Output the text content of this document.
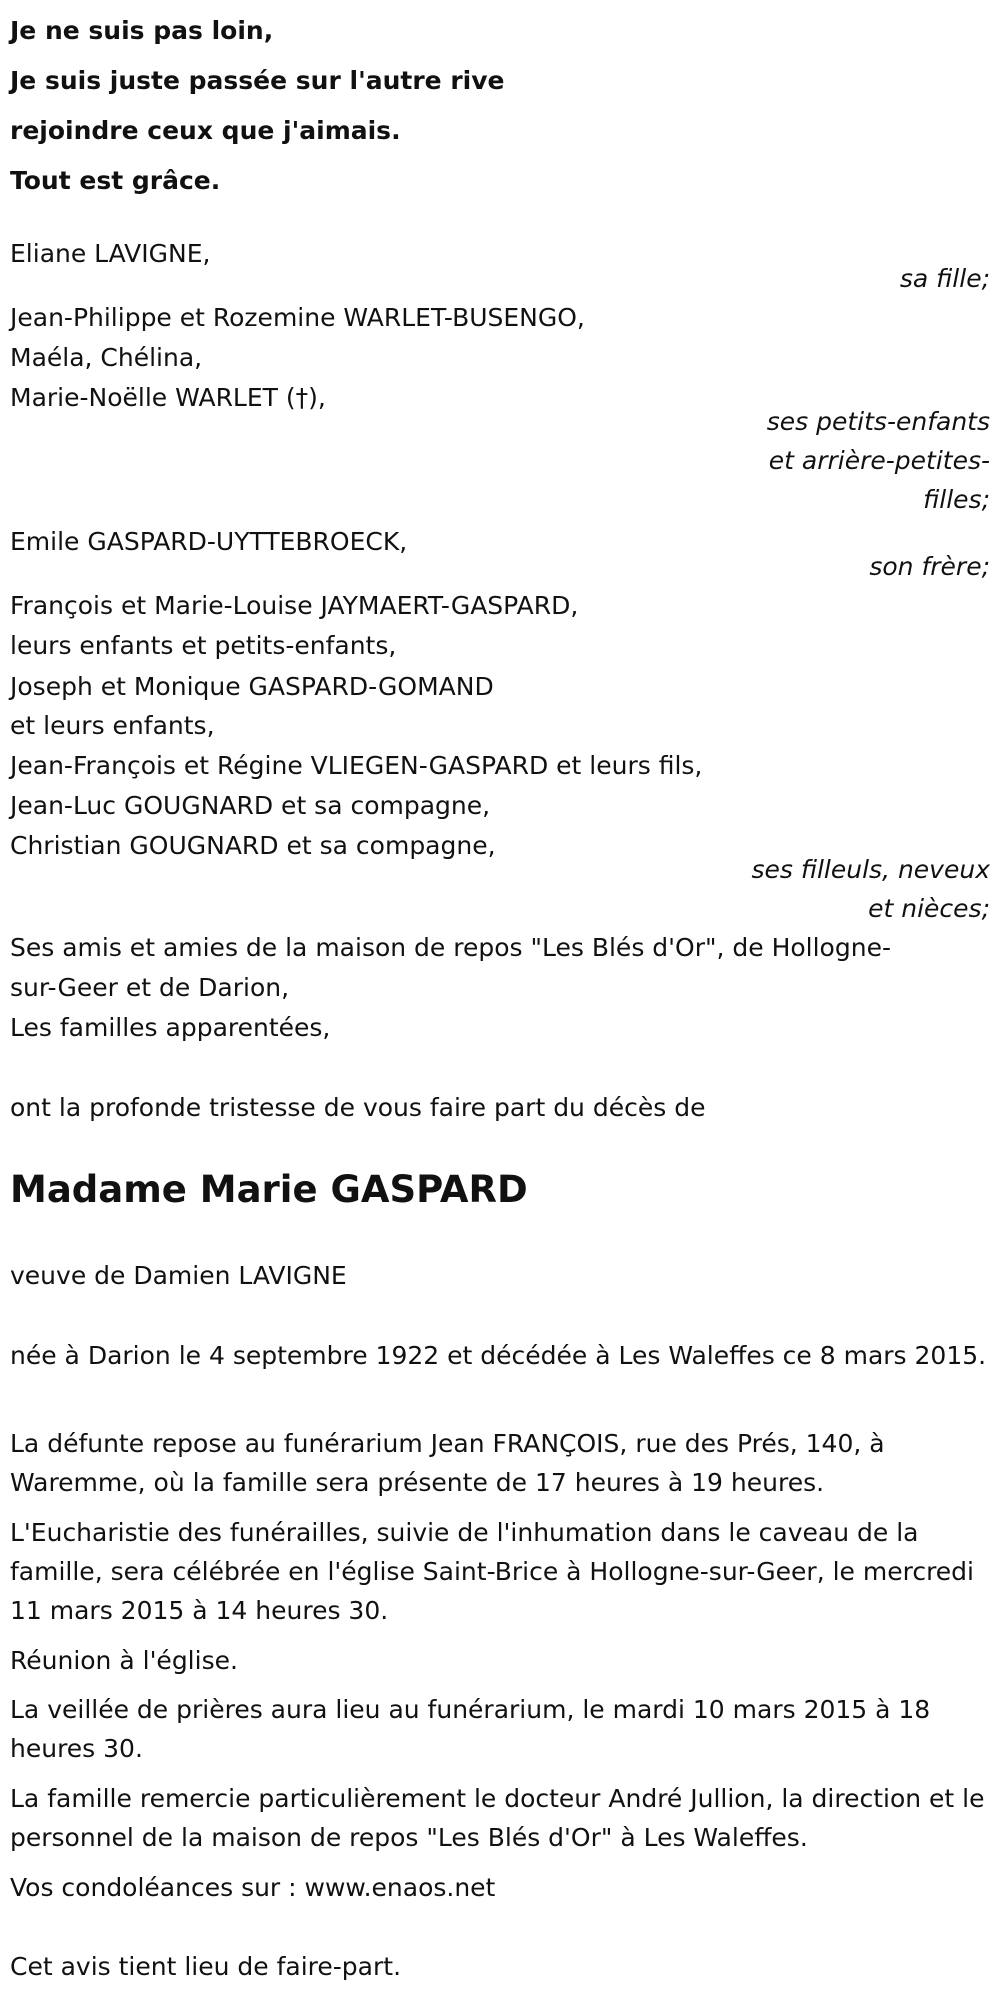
Je ne suis pas loin,
Je suis juste passée sur l'autre rive
rejoindre ceux que j'aimais.
Tout est grâce.
Eliane LAVIGNE,
sa fille;
Jean-Philippe et Rozemine WARLET-BUSENGO,
Maéla, Chélina,
Marie-Noëlle WARLET (†),
ses petits-enfants
et arrière-petites-
filles;
Emile GASPARD-UYTTEBROECK,
son frère;
François et Marie-Louise JAYMAERT-GASPARD,
leurs enfants et petits-enfants,
Joseph et Monique GASPARD-GOMAND
et leurs enfants,
Jean-François et Régine VLIEGEN-GASPARD et leurs fils,
Jean-Luc GOUGNARD et sa compagne,
Christian GOUGNARD et sa compagne,
ses filleuls, neveux
et nièces;
Ses amis et amies de la maison de repos "Les Blés d'Or", de Hollogne-
sur-Geer et de Darion,
Les familles apparentées,
ont la profonde tristesse de vous faire part du décès de
Madame Marie GASPARD
veuve de Damien LAVIGNE
née à Darion le 4 septembre 1922 et décédée à Les Waleffes ce 8 mars 2015.
La défunte repose au funérarium Jean FRANÇOIS, rue des Prés, 140, à Waremme, où la famille sera présente de 17 heures à 19 heures.
L'Eucharistie des funérailles, suivie de l'inhumation dans le caveau de la famille, sera célébrée en l'église Saint-Brice à Hollogne-sur-Geer, le mercredi 11 mars 2015 à 14 heures 30.
Réunion à l'église.
La veillée de prières aura lieu au funérarium, le mardi 10 mars 2015 à 18 heures 30.
La famille remercie particulièrement le docteur André Jullion, la direction et le personnel de la maison de repos "Les Blés d'Or" à Les Waleffes.
Vos condoléances sur : www.enaos.net
Cet avis tient lieu de faire-part.
